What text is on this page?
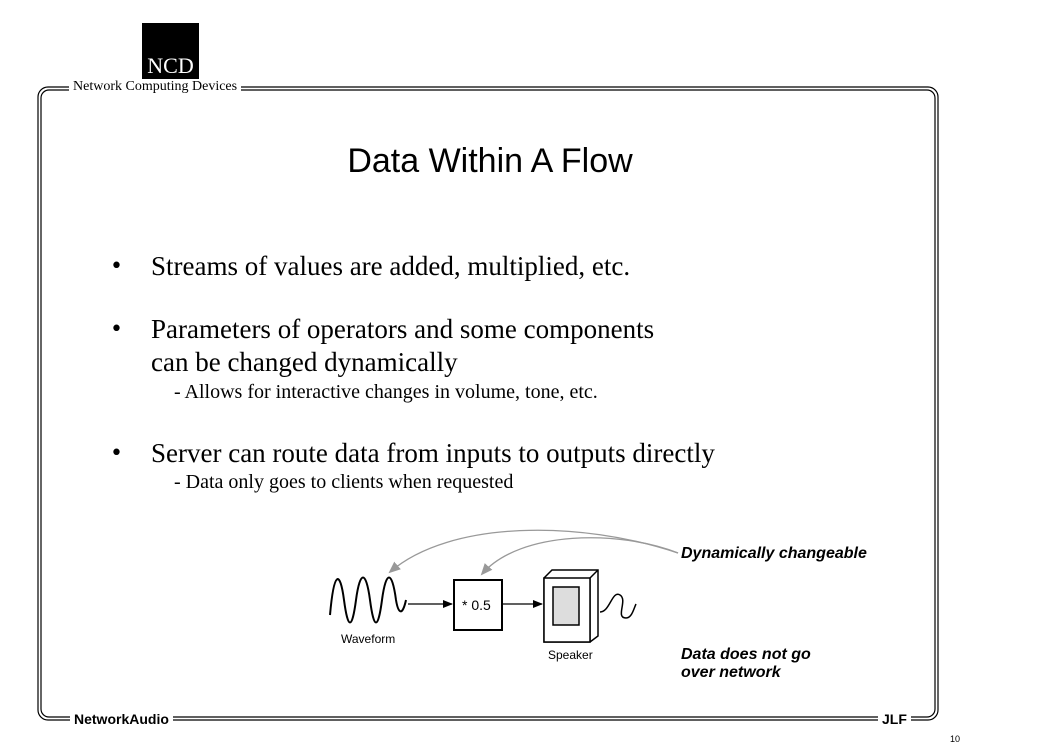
NCD
Network Computing Devices
Data Within A Flow
• Streams of values are added, multiplied, etc.
• Parameters of operators and some components
can be changed dynamically
- Allows for interactive changes in volume, tone, etc.
• Server can route data from inputs to outputs directly
- Data only goes to clients when requested
* 0.5
Waveform
Speaker
Dynamically changeable
Data does not go
over network
NetworkAudio	JLF
10
